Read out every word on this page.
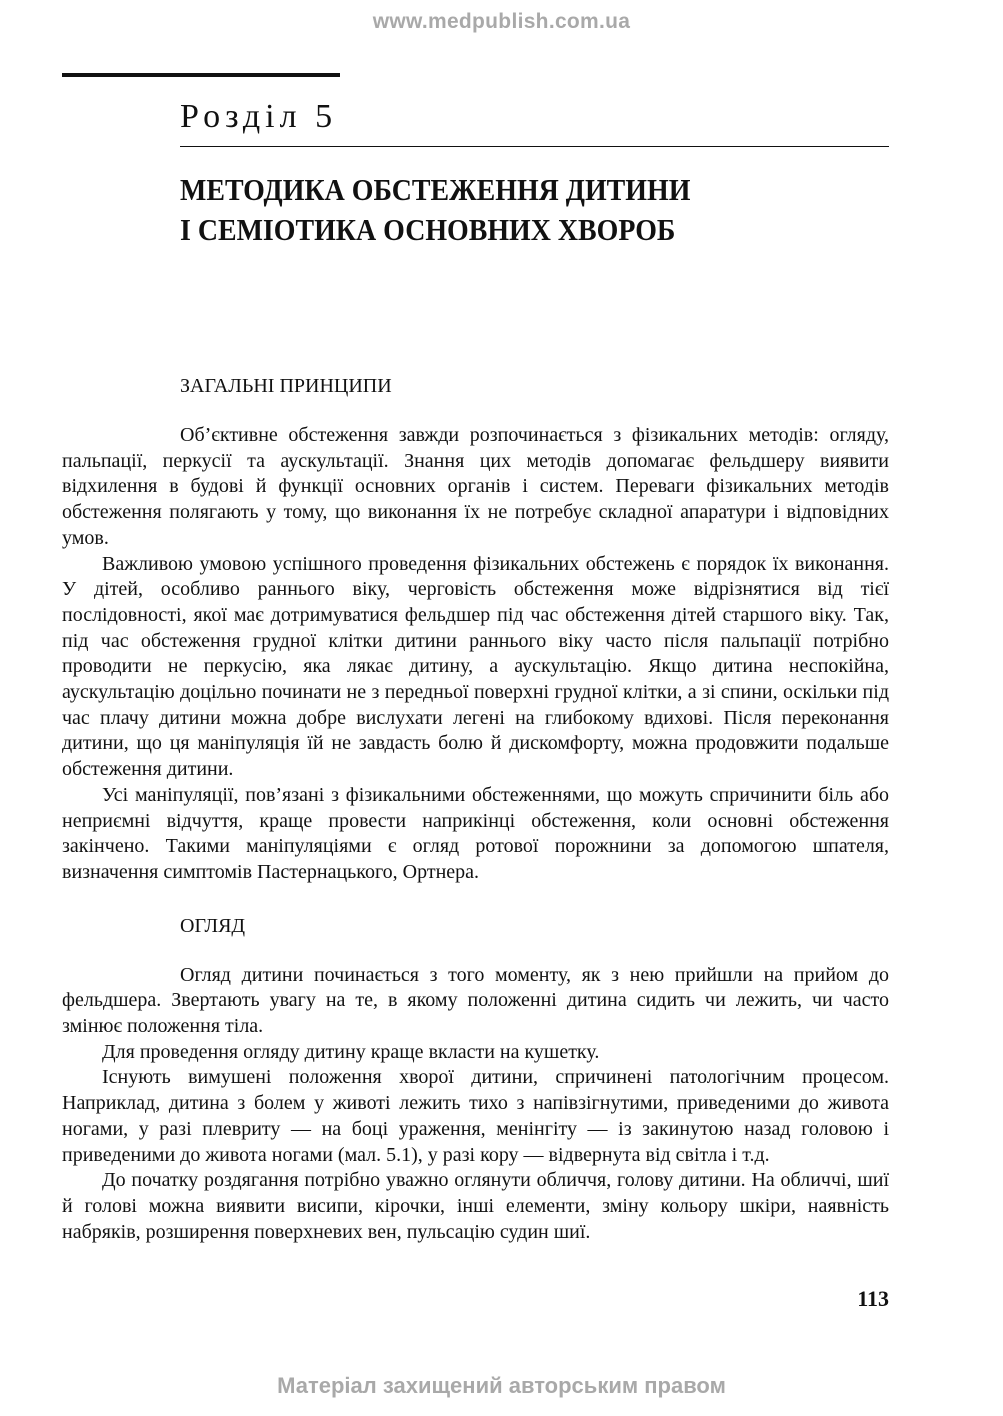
www.medpublish.com.ua
Розділ 5
МЕТОДИКА ОБСТЕЖЕННЯ ДИТИНИ
І СЕМІОТИКА ОСНОВНИХ ХВОРОБ
ЗАГАЛЬНІ ПРИНЦИПИ

Об’єктивне обстеження завжди розпочинається з фізикальних методів: огляду, пальпації, перкусії та аускультації. Знання цих методів допомагає фельдшеру виявити відхилення в будові й функції основних органів і систем. Переваги фізикальних методів обстеження полягають у тому, що виконання їх не потребує складної апаратури і відповідних умов.

Важливою умовою успішного проведення фізикальних обстежень є порядок їх виконання. У дітей, особливо раннього віку, черговість обстеження може відрізнятися від тієї послідовності, якої має дотримуватися фельдшер під час обстеження дітей старшого віку. Так, під час обстеження грудної клітки дитини раннього віку часто після пальпації потрібно проводити не перкусію, яка лякає дитину, а аускультацію. Якщо дитина неспокійна, аускультацію доцільно починати не з передньої поверхні грудної клітки, а зі спини, оскільки під час плачу дитини можна добре вислухати легені на глибокому вдихові. Після переконання дитини, що ця маніпуляція їй не завдасть болю й дискомфорту, можна продовжити подальше обстеження дитини.

Усі маніпуляції, пов’язані з фізикальними обстеженнями, що можуть спричинити біль або неприємні відчуття, краще провести наприкінці обстеження, коли основні обстеження закінчено. Такими маніпуляціями є огляд ротової порожнини за допомогою шпателя, визначення симптомів Пастернацького, Ортнера.

ОГЛЯД

Огляд дитини починається з того моменту, як з нею прийшли на прийом до фельдшера. Звертають увагу на те, в якому положенні дитина сидить чи лежить, чи часто змінює положення тіла.

Для проведення огляду дитину краще вкласти на кушетку.

Існують вимушені положення хворої дитини, спричинені патологічним процесом. Наприклад, дитина з болем у животі лежить тихо з напівзігнутими, приведеними до живота ногами, у разі плевриту — на боці ураження, менінгіту — із закинутою назад головою і приведеними до живота ногами (мал. 5.1), у разі кору — відвернута від світла і т.д.

До початку роздягання потрібно уважно оглянути обличчя, голову дитини. На обличчі, шиї й голові можна виявити висипи, кірочки, інші елементи, зміну кольору шкіри, наявність набряків, розширення поверхневих вен, пульсацію судин шиї.

113
Матеріал захищений авторським правом
